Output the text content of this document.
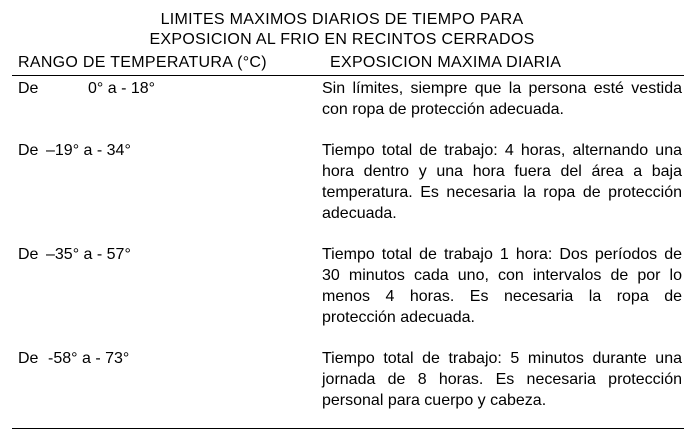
LIMITES MAXIMOS DIARIOS DE TIEMPO PARA
EXPOSICION AL FRIO EN RECINTOS CERRADOS
RANGO DE TEMPERATURA (°C)	EXPOSICION MAXIMA DIARIA
De	0° a - 18°	Sin límites, siempre que la persona esté vestida con ropa de protección adecuada.
De –19° a - 34°	Tiempo total de trabajo: 4 horas, alternando una hora dentro y una hora fuera del área a baja temperatura. Es necesaria la ropa de protección adecuada.
De –35° a - 57°	Tiempo total de trabajo 1 hora: Dos períodos de 30 minutos cada uno, con intervalos de por lo menos 4 horas. Es necesaria la ropa de protección adecuada.
De -58° a - 73°	Tiempo total de trabajo: 5 minutos durante una jornada de 8 horas. Es necesaria protección personal para cuerpo y cabeza.
